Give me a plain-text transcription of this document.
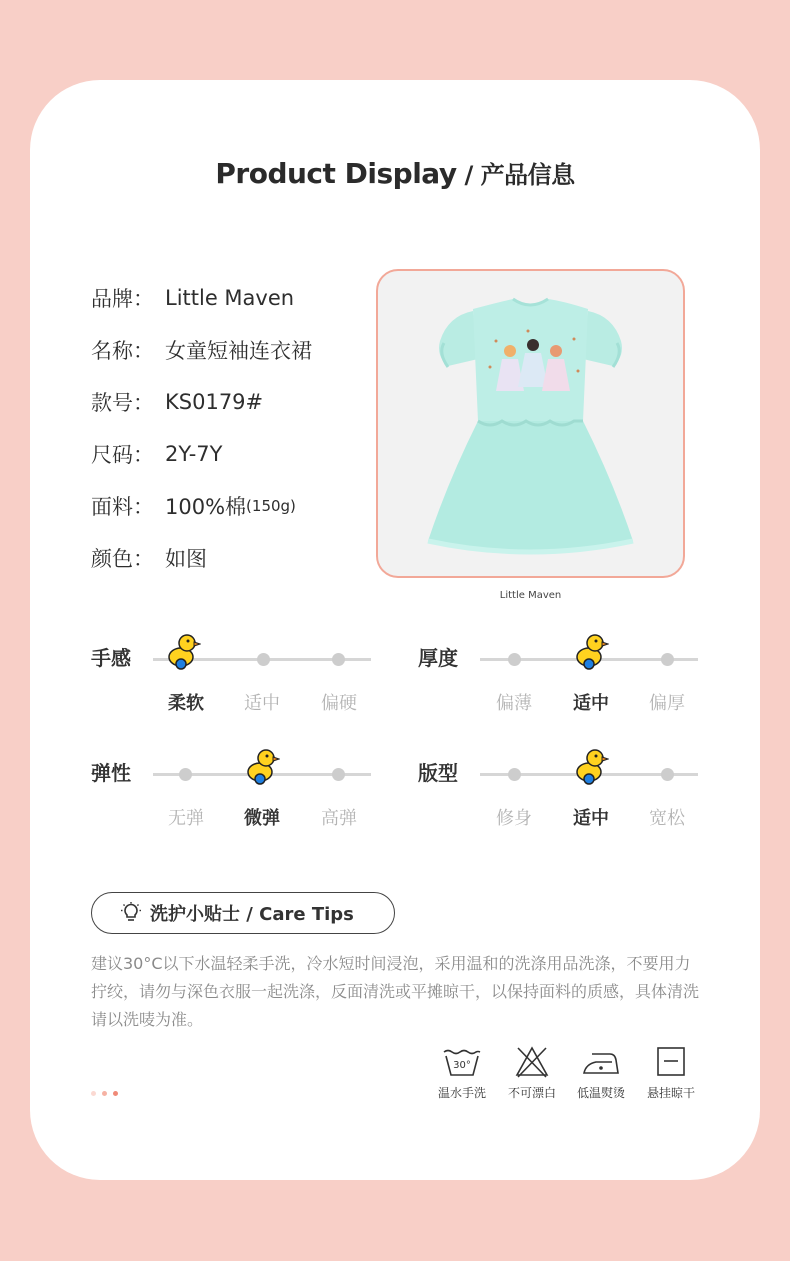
Product Display / 产品信息
品牌： Little Maven
名称： 女童短袖连衣裙
款号： KS0179#
尺码： 2Y-7Y
面料： 100%棉 (150g)
颜色： 如图
Little Maven
手感
柔软	适中	偏硬
厚度
偏薄	适中	偏厚
弹性
无弹	微弹	高弹
版型
修身	适中	宽松
洗护小贴士 / Care Tips
建议30°C以下水温轻柔手洗，冷水短时间浸泡，采用温和的洗涤用品洗涤，不要用力拧绞，请勿与深色衣服一起洗涤，反面清洗或平摊晾干，以保持面料的质感，具体清洗请以洗唛为准。
30°
温水手洗	不可漂白	低温熨烫	悬挂晾干
